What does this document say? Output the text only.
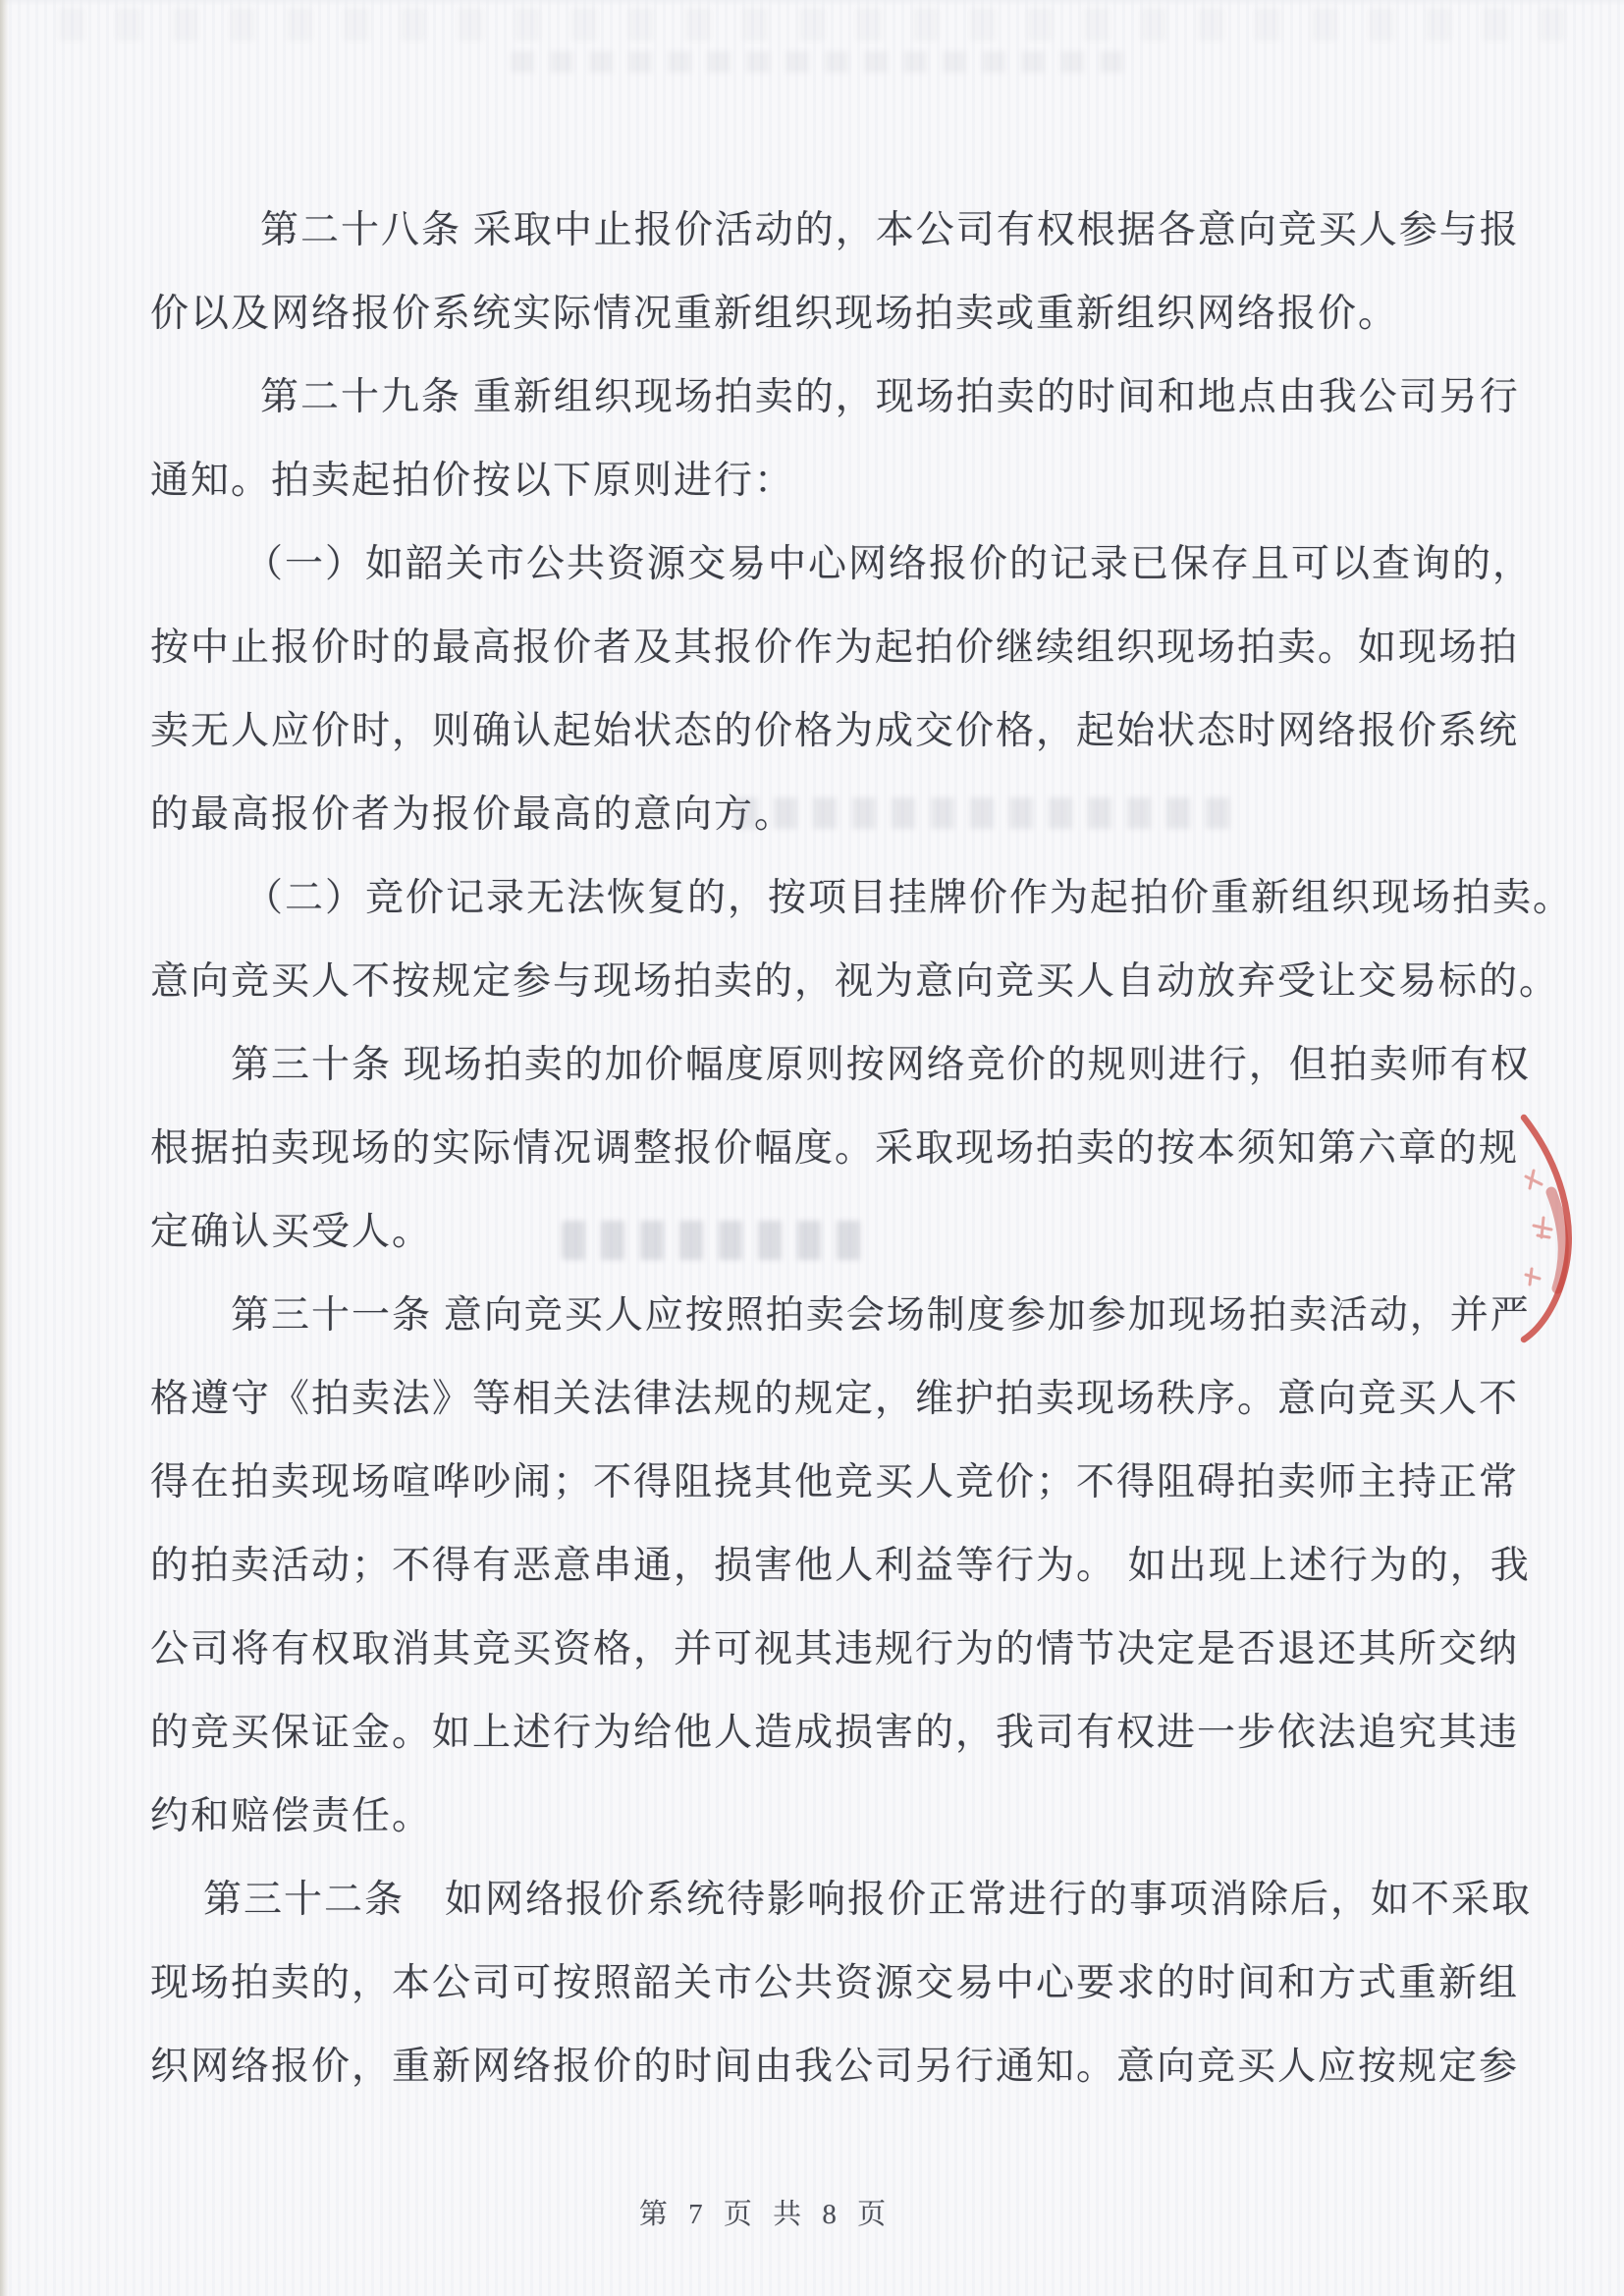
第二十八条 采取中止报价活动的，本公司有权根据各意向竞买人参与报
价以及网络报价系统实际情况重新组织现场拍卖或重新组织网络报价。
第二十九条 重新组织现场拍卖的，现场拍卖的时间和地点由我公司另行
通知。拍卖起拍价按以下原则进行：
（一）如韶关市公共资源交易中心网络报价的记录已保存且可以查询的，
按中止报价时的最高报价者及其报价作为起拍价继续组织现场拍卖。如现场拍
卖无人应价时，则确认起始状态的价格为成交价格，起始状态时网络报价系统
的最高报价者为报价最高的意向方。
（二）竞价记录无法恢复的，按项目挂牌价作为起拍价重新组织现场拍卖。
意向竞买人不按规定参与现场拍卖的，视为意向竞买人自动放弃受让交易标的。
第三十条 现场拍卖的加价幅度原则按网络竞价的规则进行，但拍卖师有权
根据拍卖现场的实际情况调整报价幅度。采取现场拍卖的按本须知第六章的规
定确认买受人。
第三十一条 意向竞买人应按照拍卖会场制度参加参加现场拍卖活动，并严
格遵守《拍卖法》等相关法律法规的规定，维护拍卖现场秩序。意向竞买人不
得在拍卖现场喧哗吵闹；不得阻挠其他竞买人竞价；不得阻碍拍卖师主持正常
的拍卖活动；不得有恶意串通，损害他人利益等行为。 如出现上述行为的，我
公司将有权取消其竞买资格，并可视其违规行为的情节决定是否退还其所交纳
的竞买保证金。如上述行为给他人造成损害的，我司有权进一步依法追究其违
约和赔偿责任。
第三十二条　如网络报价系统待影响报价正常进行的事项消除后，如不采取
现场拍卖的，本公司可按照韶关市公共资源交易中心要求的时间和方式重新组
织网络报价，重新网络报价的时间由我公司另行通知。意向竞买人应按规定参
第 7 页 共 8 页
